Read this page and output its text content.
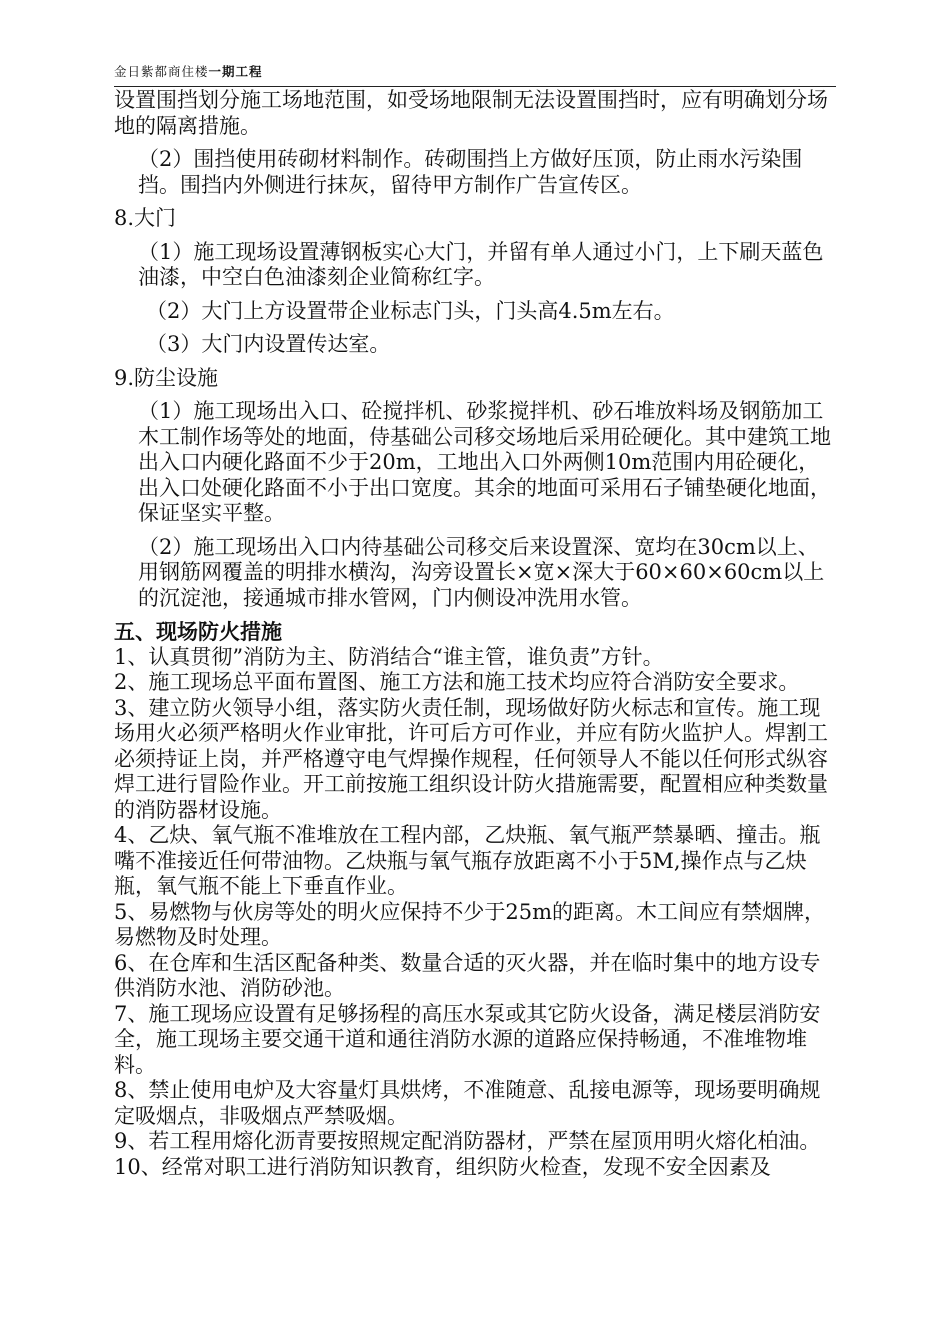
金日紫都商住楼一期工程

设置围挡划分施工场地范围，如受场地限制无法设置围挡时，应有明确划分场地的隔离措施。

（2）围挡使用砖砌材料制作。砖砌围挡上方做好压顶，防止雨水污染围挡。围挡内外侧进行抹灰，留待甲方制作广告宣传区。

8.大门

（1）施工现场设置薄钢板实心大门，并留有单人通过小门，上下刷天蓝色油漆，中空白色油漆刻企业简称红字。

（2）大门上方设置带企业标志门头，门头高4.5m左右。

（3）大门内设置传达室。

9.防尘设施

（1）施工现场出入口、砼搅拌机、砂浆搅拌机、砂石堆放料场及钢筋加工木工制作场等处的地面，侍基础公司移交场地后采用砼硬化。其中建筑工地出入口内硬化路面不少于20m，工地出入口外两侧10m范围内用砼硬化，出入口处硬化路面不小于出口宽度。其余的地面可采用石子铺垫硬化地面，保证坚实平整。

（2）施工现场出入口内待基础公司移交后来设置深、宽均在30cm以上、用钢筋网覆盖的明排水横沟，沟旁设置长×宽×深大于60×60×60cm以上的沉淀池，接通城市排水管网，门内侧设冲洗用水管。

五、现场防火措施

1、认真贯彻”消防为主、防消结合“谁主管，谁负责”方针。

2、施工现场总平面布置图、施工方法和施工技术均应符合消防安全要求。

3、建立防火领导小组，落实防火责任制，现场做好防火标志和宣传。施工现场用火必须严格明火作业审批，许可后方可作业，并应有防火监护人。焊割工必须持证上岗，并严格遵守电气焊操作规程，任何领导人不能以任何形式纵容焊工进行冒险作业。开工前按施工组织设计防火措施需要，配置相应种类数量的消防器材设施。

4、乙炔、氧气瓶不准堆放在工程内部，乙炔瓶、氧气瓶严禁暴晒、撞击。瓶嘴不准接近任何带油物。乙炔瓶与氧气瓶存放距离不小于5M,操作点与乙炔瓶，氧气瓶不能上下垂直作业。

5、易燃物与伙房等处的明火应保持不少于25m的距离。木工间应有禁烟牌，易燃物及时处理。

6、在仓库和生活区配备种类、数量合适的灭火器，并在临时集中的地方设专供消防水池、消防砂池。

7、施工现场应设置有足够扬程的高压水泵或其它防火设备，满足楼层消防安全，施工现场主要交通干道和通往消防水源的道路应保持畅通，不准堆物堆料。

8、禁止使用电炉及大容量灯具烘烤，不准随意、乱接电源等，现场要明确规定吸烟点，非吸烟点严禁吸烟。

9、若工程用熔化沥青要按照规定配消防器材，严禁在屋顶用明火熔化柏油。

10、经常对职工进行消防知识教育，组织防火检查，发现不安全因素及
